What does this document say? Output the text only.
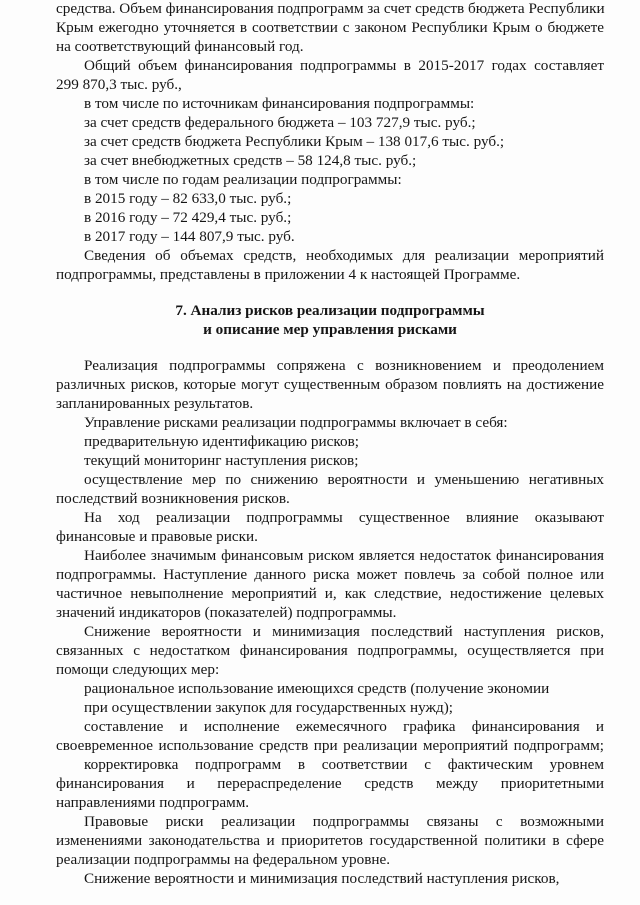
средства. Объем финансирования подпрограмм за счет средств бюджета Республики
Крым ежегодно уточняется в соответствии с законом Республики Крым о бюджете
на соответствующий финансовый год.
Общий объем финансирования подпрограммы в 2015-2017 годах составляет
299 870,3 тыс. руб.,
в том числе по источникам финансирования подпрограммы:
за счет средств федерального бюджета – 103 727,9 тыс. руб.;
за счет средств бюджета Республики Крым – 138 017,6 тыс. руб.;
за счет внебюджетных средств – 58 124,8 тыс. руб.;
в том числе по годам реализации подпрограммы:
в 2015 году – 82 633,0 тыс. руб.;
в 2016 году – 72 429,4 тыс. руб.;
в 2017 году – 144 807,9 тыс. руб.
Сведения об объемах средств, необходимых для реализации мероприятий
подпрограммы, представлены в приложении 4 к настоящей Программе.
7. Анализ рисков реализации подпрограммы
и описание мер управления рисками
Реализация подпрограммы сопряжена с возникновением и преодолением
различных рисков, которые могут существенным образом повлиять на достижение
запланированных результатов.
Управление рисками реализации подпрограммы включает в себя:
предварительную идентификацию рисков;
текущий мониторинг наступления рисков;
осуществление мер по снижению вероятности и уменьшению негативных
последствий возникновения рисков.
На ход реализации подпрограммы существенное влияние оказывают
финансовые и правовые риски.
Наиболее значимым финансовым риском является недостаток финансирования
подпрограммы. Наступление данного риска может повлечь за собой полное или
частичное невыполнение мероприятий и, как следствие, недостижение целевых
значений индикаторов (показателей) подпрограммы.
Снижение вероятности и минимизация последствий наступления рисков,
связанных с недостатком финансирования подпрограммы, осуществляется при
помощи следующих мер:
рациональное использование имеющихся средств (получение экономии
при осуществлении закупок для государственных нужд);
составление и исполнение ежемесячного графика финансирования и
своевременное использование средств при реализации мероприятий подпрограмм;
корректировка подпрограмм в соответствии с фактическим уровнем
финансирования и перераспределение средств между приоритетными
направлениями подпрограмм.
Правовые риски реализации подпрограммы связаны с возможными
изменениями законодательства и приоритетов государственной политики в сфере
реализации подпрограммы на федеральном уровне.
Снижение вероятности и минимизация последствий наступления рисков,
